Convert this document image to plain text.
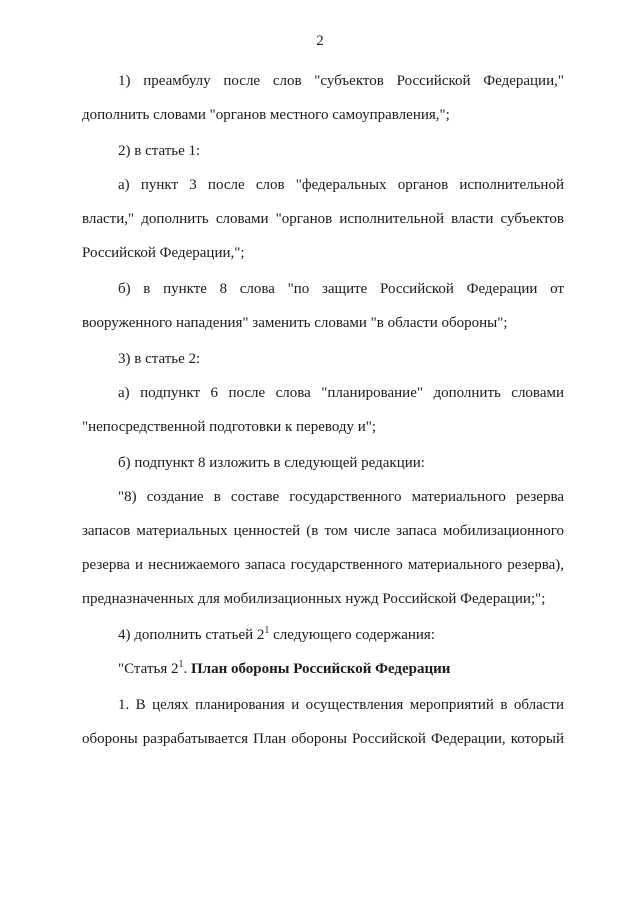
2
1) преамбулу после слов "субъектов Российской Федерации,"
дополнить словами "органов местного самоуправления,";
2) в статье 1:
а) пункт 3 после слов "федеральных органов исполнительной
власти," дополнить словами "органов исполнительной власти субъектов
Российской Федерации,";
б) в пункте 8 слова "по защите Российской Федерации от
вооруженного нападения" заменить словами "в области обороны";
3) в статье 2:
а) подпункт 6 после слова "планирование" дополнить словами
"непосредственной подготовки к переводу и";
б) подпункт 8 изложить в следующей редакции:
"8) создание в составе государственного материального резерва
запасов материальных ценностей (в том числе запаса мобилизационного
резерва и неснижаемого запаса государственного материального резерва),
предназначенных для мобилизационных нужд Российской Федерации;";
4) дополнить статьей $2^1$ следующего содержания:
"Статья $2^1$. План обороны Российской Федерации
1. В целях планирования и осуществления мероприятий в области
обороны разрабатывается План обороны Российской Федерации, который
